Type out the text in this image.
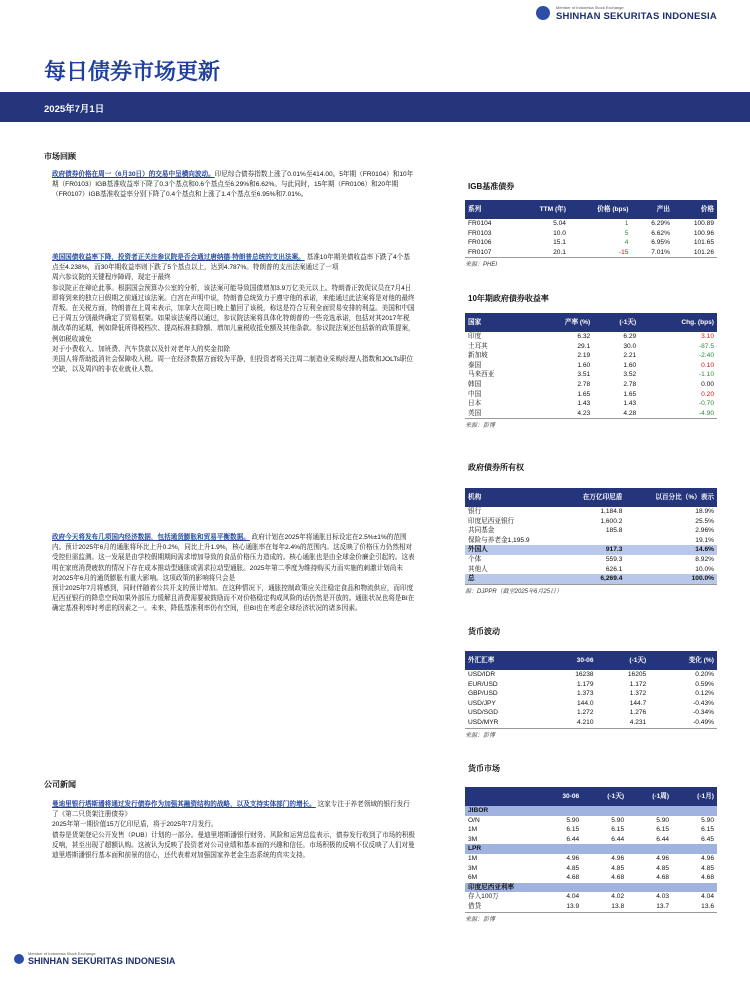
Member of Indonesia Stock Exchange
SHINHAN SEKURITAS INDONESIA
每日债券市场更新
2025年7月1日
市场回顾
政府债券价格在周一（6月30日）的交易中呈横向波动。印尼综合债券指数上涨了0.01%至414.00。5年期（FR0104）和10年期（FR0103）IGB基准收益率下降了0.3个基点和0.6个基点至6.29%和6.62%。与此同时，15年期（FR0106）和20年期（FR0107）IGB基准收益率分别下降了0.4个基点和上涨了1.4个基点至6.95%和7.01%。
美国国债收益率下降，投资者正关注参议院是否会通过唐纳德·特朗普总统的支出法案。 基准10年期美债收益率下跌了4个基点至4.238%，而30年期收益率则下跌了5个基点以上，达到4.787%。特朗普的支出法案通过了一项
周六参议院的关键程序障碍，现定于最终
参议院正在辩论此事。根据国会预算办公室的分析，该法案可能导致国债增加3.9万亿美元以上。特朗普正敦促议员在7月4日即将到来的独立日假期之前通过该法案。白宫在声明中说，特朗普总统致力于遵守他的承诺，来能通过此法案将是对他的最终背叛。在关税方面，特朗普在上周末表示，加拿大在周日晚上撤回了该税，称这是符合互利全面贸易安排的利益。美国和中国已于周五分别最终确定了贸易框架。如果该法案得以通过，参议院法案将具体化特朗普的一些竞选承诺，包括对其2017年税制改革的延期，例如降低所得税档次、提高标准扣除额、增加儿童税收抵免额及其他条款。参议院法案还包括新的政策提案，例如税收减免
对于小费收入、加班费、汽车贷款以及针对老年人的奖金扣除
美国人将帮助抵消社会保障收入税。周一在经济数据方面较为平静，但投资者将关注周二制造业采购经理人指数和JOLTs职位空缺，以及周四的非农业就业人数。
政府今天将发布几项国内经济数据，包括通货膨胀和贸易平衡数据。 政府计划在2025年将通胀目标设定在2.5%±1%的范围内。预计2025年6月的通胀将环比上升0.2%，同比上升1.9%，核心通胀率在每年2.4%的范围内。这反映了价格压力仍然相对受控但需监测。这一发展是由学校假期期间需求增加导致的食品价格压力造成的。核心通胀也是由全球金价廉企引起的。这表明在家庭消费疲软的情况下存在成本推动型通胀或需求拉动型通胀。2025年第二季度为维持购买力而实施的刺激计划尚未
对2025年6月的通货膨胀有重大影响。这项政策的影响将只会是
预计2025年7月将感到，同时伴随着公共开支的预计增加。在这种情况下，通胀控制政策应关注稳定食品和物流供应，而印度尼西亚银行的降息空间如果外部压力缓解且消费需要被鼓励而不对价格稳定构成风险的话仍然是开放的。通胀状况也将是BI在确定基准利率时考虑的因素之一。未来，降低基准利率仍有空间，但BI也在考虑全球经济状况的诸多因素。
公司新闻
曼迪里银行塔斯潘将通过发行债券作为加强其融资结构的战略，以及支持实体部门的增长。 这家专注于养老领域的银行发行了《第二只货架注册债券》
2025年第一期价值15万亿印尼盾，将于2025年7月发行。
债券是货架登记公开发售（PUB）计划的一部分。曼迪里塔斯潘银行财务、风险和运营总监表示，债券发行收到了市场的积极反响，甚至出现了超额认购。这被认为反映了投资者对公司业绩和基本面的兴趣和信任。市场积极的反响不仅反映了人们对曼迪里塔斯潘银行基本面和前景的信心，还代表着对加强国家养老金生态系统的真实支持。
IGB基准债券
系列	TTM (年)	价格 (bps)	产出	价格
FR0104	5.04	1	6.29%	100.89
FR0103	10.0	5	6.62%	100.96
FR0106	15.1	4	6.95%	101.65
FR0107	20.1	-15	7.01%	101.26
来源：PHEI
10年期政府债券收益率
国家	产率 (%)	(-1天)	Chg. (bps)
印度	6.32	6.29	3.10
土耳其	29.1	30.0	-87.5
新加坡	2.19	2.21	-2.40
泰国	1.60	1.60	0.10
马来西亚	3.51	3.52	-1.10
韩国	2.78	2.78	0.00
中国	1.65	1.65	0.20
日本	1.43	1.43	-0.70
英国	4.23	4.28	-4.90
来源：彭博
政府债券所有权
机构	在万亿印尼盾	以百分比（%）表示
银行	1,184.8	18.9%
印度尼西亚银行	1,600.2	25.5%
共同基金	185.8	2.96%
保险与养老金1,195.9		19.1%
外国人	917.3	14.6%
个体	559.3	8.92%
其他人	626.1	10.0%
总	6,269.4	100.0%
源：DJPPR（截至2025年6月25日）
货币波动
外汇汇率	30-06	(-1天)	变化 (%)
USD/IDR	16238	16205	0.20%
EUR/USD	1.179	1.172	0.59%
GBP/USD	1.373	1.372	0.12%
USD/JPY	144.0	144.7	-0.43%
USD/SGD	1.272	1.276	-0.34%
USD/MYR	4.210	4.231	-0.49%
来源：彭博
货币市场
	30-06	(-1天)	(-1周)	(-1月)
JIBOR				
O/N	5.90	5.90	5.90	5.90
1M	6.15	6.15	6.15	6.15
3M	6.44	6.44	6.44	6.45
LPR				
1M	4.96	4.96	4.96	4.96
3M	4.85	4.85	4.85	4.85
6M	4.68	4.68	4.68	4.68
印度尼西亚利率				
存入100万	4.04	4.02	4.03	4.04
借贷	13.9	13.8	13.7	13.6
来源：彭博
Member of Indonesia Stock Exchange
SHINHAN SEKURITAS INDONESIA
